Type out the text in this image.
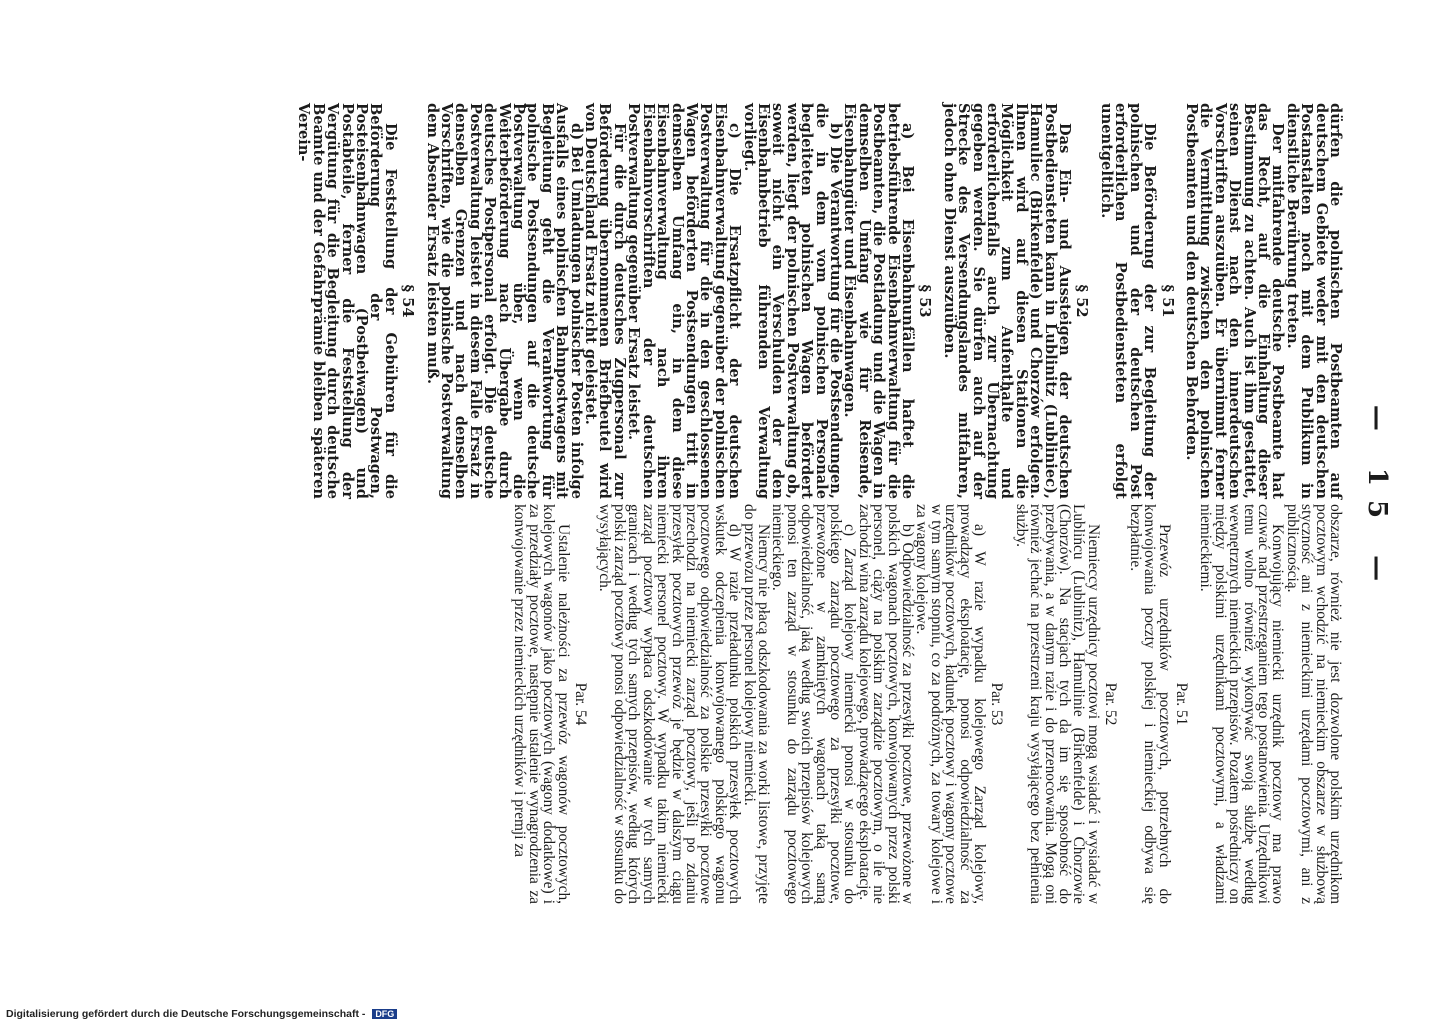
— 15 —
dürfen die polnischen Postbeamten auf deutschem Gebiete weder mit den deutschen Postanstalten noch mit dem Publikum in dienstliche Berührung treten.
Der mitfahrende deutsche Postbeamte hat das Recht, auf die Einhaltung dieser Bestimmung zu achten. Auch ist ihm gestattet, seinen Dienst nach den innerdeutschen Vorschriften auszuüben. Er übernimmt ferner die Vermittlung zwischen den polnischen Postbeamten und den deutschen Behörden.
§ 51
Die Beförderung der zur Begleitung der polnischen und der deutschen Post erforderlichen Postbediensteten erfolgt unentgeltlich.
§ 52
Das Ein- und Aussteigen der deutschen Postbediensteten kann in Lublinitz (Lubliniec), Hamuliec (Birkenfelde) und Chorzów erfolgen. Ihnen wird auf diesen Stationen die Möglichkeit zum Aufenthalte und erforderlichenfalls auch zur Übernachtung gegeben werden. Sie dürfen auch auf der Strecke des Versendungslandes mitfahren, jedoch ohne Dienst auszuüben.
§ 53
a) Bei Eisenbahnunfällen haftet die betriebsführende Eisenbahnverwaltung für die Postbeamten, die Postladung und die Wagen in demselben Umfang wie für Reisende, Eisenbahngüter und Eisenbahnwagen.
b) Die Verantwortung für die Postsendungen, die in dem vom polnischen Personale begleiteten polnischen Wagen befördert werden, liegt der polnischen Postverwaltung ob, soweit nicht ein Verschulden der den Eisenbahnbetrieb führenden Verwaltung vorliegt.
c) Die Ersatzpflicht der deutschen Eisenbahnverwaltung gegenüber der polnischen Postverwaltung für die in den geschlossenen Wagen beförderten Postsendungen tritt in demselben Umfang ein, in dem diese Eisenbahnverwaltung nach ihren Eisenbahnvorschriften der deutschen Postverwaltung gegenüber Ersatz leistet.
Für die durch deutsches Zugpersonal zur Beförderung übernommenen Briefbeutel wird von Deutschland Ersatz nicht geleistet.
d) Bei Umladungen polnischer Posten infolge Ausfalls eines polnischen Bahnpostwagens mit Begleitung geht die Verantwortung für polnische Postsendungen auf die deutsche Postverwaltung über, wenn die Weiterbeförderung nach Übergabe durch deutsches Postpersonal erfolgt. Die deutsche Postverwaltung leistet in diesem Falle Ersatz in denselben Grenzen und nach denselben Vorschriften, wie die polnische Postverwaltung dem Absender Ersatz leisten muß.
§ 54
Die Feststellung der Gebühren für die Beförderung der Postwagen, Posteisenbahnwagen (Postbeiwagen) und Postabteile, ferner die Feststellung der Vergütung für die Begleitung durch deutsche Beamte und der Gefahrprämie bleiben späteren Verein-
obszarze, również nie jest dozwolone polskim urzędnikom pocztowym wchodzić na niemieckim obszarze w służbową styczność ani z niemieckimi urzędami pocztowymi, ani z publicznością.
Konwojujący niemiecki urzędnik pocztowy ma prawo czuwać nad przestrzeganiem tego postanowienia. Urzędnikowi temu wolno również wykonywać swoją służbę według wewnętrznych niemieckich przepisów. Pozatem pośredniczy on między polskimi urzędnikami pocztowymi, a władzami niemieckiemi.
Par. 51
Przewóz urzędników pocztowych, potrzebnych do konwojowania poczty polskiej i niemieckiej odbywa się bezpłatnie.
Par. 52
Niemieccy urzędnicy pocztowi mogą wsiadać i wysiadać w Lublińcu (Lublinitz), Hamulinie (Birkenfelde) i Chorzowie (Chorzów). Na stacjach tych da im się sposobność do przebywania, a w danym razie i do przenocowania. Mogą oni również jechać na przestrzeni kraju wysyłającego bez pełnienia służby.
Par. 53
a) W razie wypadku kolejowego Zarząd kolejowy, prowadzący eksploatację, ponosi odpowiedzialność za urzędników pocztowych, ładunek pocztowy i wagony pocztowe w tym samym stopniu, co za podróżnych, za towary kolejowe i za wagony kolejowe.
b) Odpowiedzialność za przesyłki pocztowe, przewożone w polskich wagonach pocztowych, konwojowanych przez polski personel, ciąży na polskim zarządzie pocztowym, o ile nie zachodzi wina zarządu kolejowego, prowadzącego eksploatację.
c) Zarząd kolejowy niemiecki ponosi w stosunku do polskiego zarządu pocztowego za przesyłki pocztowe, przewożone w zamkniętych wagonach taką samą odpowiedzialność, jaką według swoich przepisów kolejowych ponosi ten zarząd w stosunku do zarządu pocztowego niemieckiego.
Niemcy nie płacą odszkodowania za worki listowe, przyjęte do przewozu przez personel kolejowy niemiecki.
d) W razie przeładunku polskich przesyłek pocztowych wskutek odczepienia konwojowanego polskiego wagonu pocztowego odpowiedzialność za polskie przesyłki pocztowe przechodzi na niemiecki zarząd pocztowy, jeśli po zdaniu przesyłek pocztowych przewóz je będzie w dalszym ciągu niemiecki personel pocztowy. W wypadku takim niemiecki zarząd pocztowy wypłaca odszkodowanie w tych samych granicach i według tych samych przepisów, według których polski zarząd pocztowy ponosi odpowiedzialność w stosunku do wysyłających.
Par. 54
Ustalenie należności za przewóz wagonów pocztowych, kolejowych wagonów jako pocztowych (wagony dodatkowe) i za przedziały pocztowe, następnie ustalenie wynagrodzenia za konwojowanie przez niemieckich urzędników i premji za
Digitalisierung gefördert durch die Deutsche Forschungsgemeinschaft - DFG
